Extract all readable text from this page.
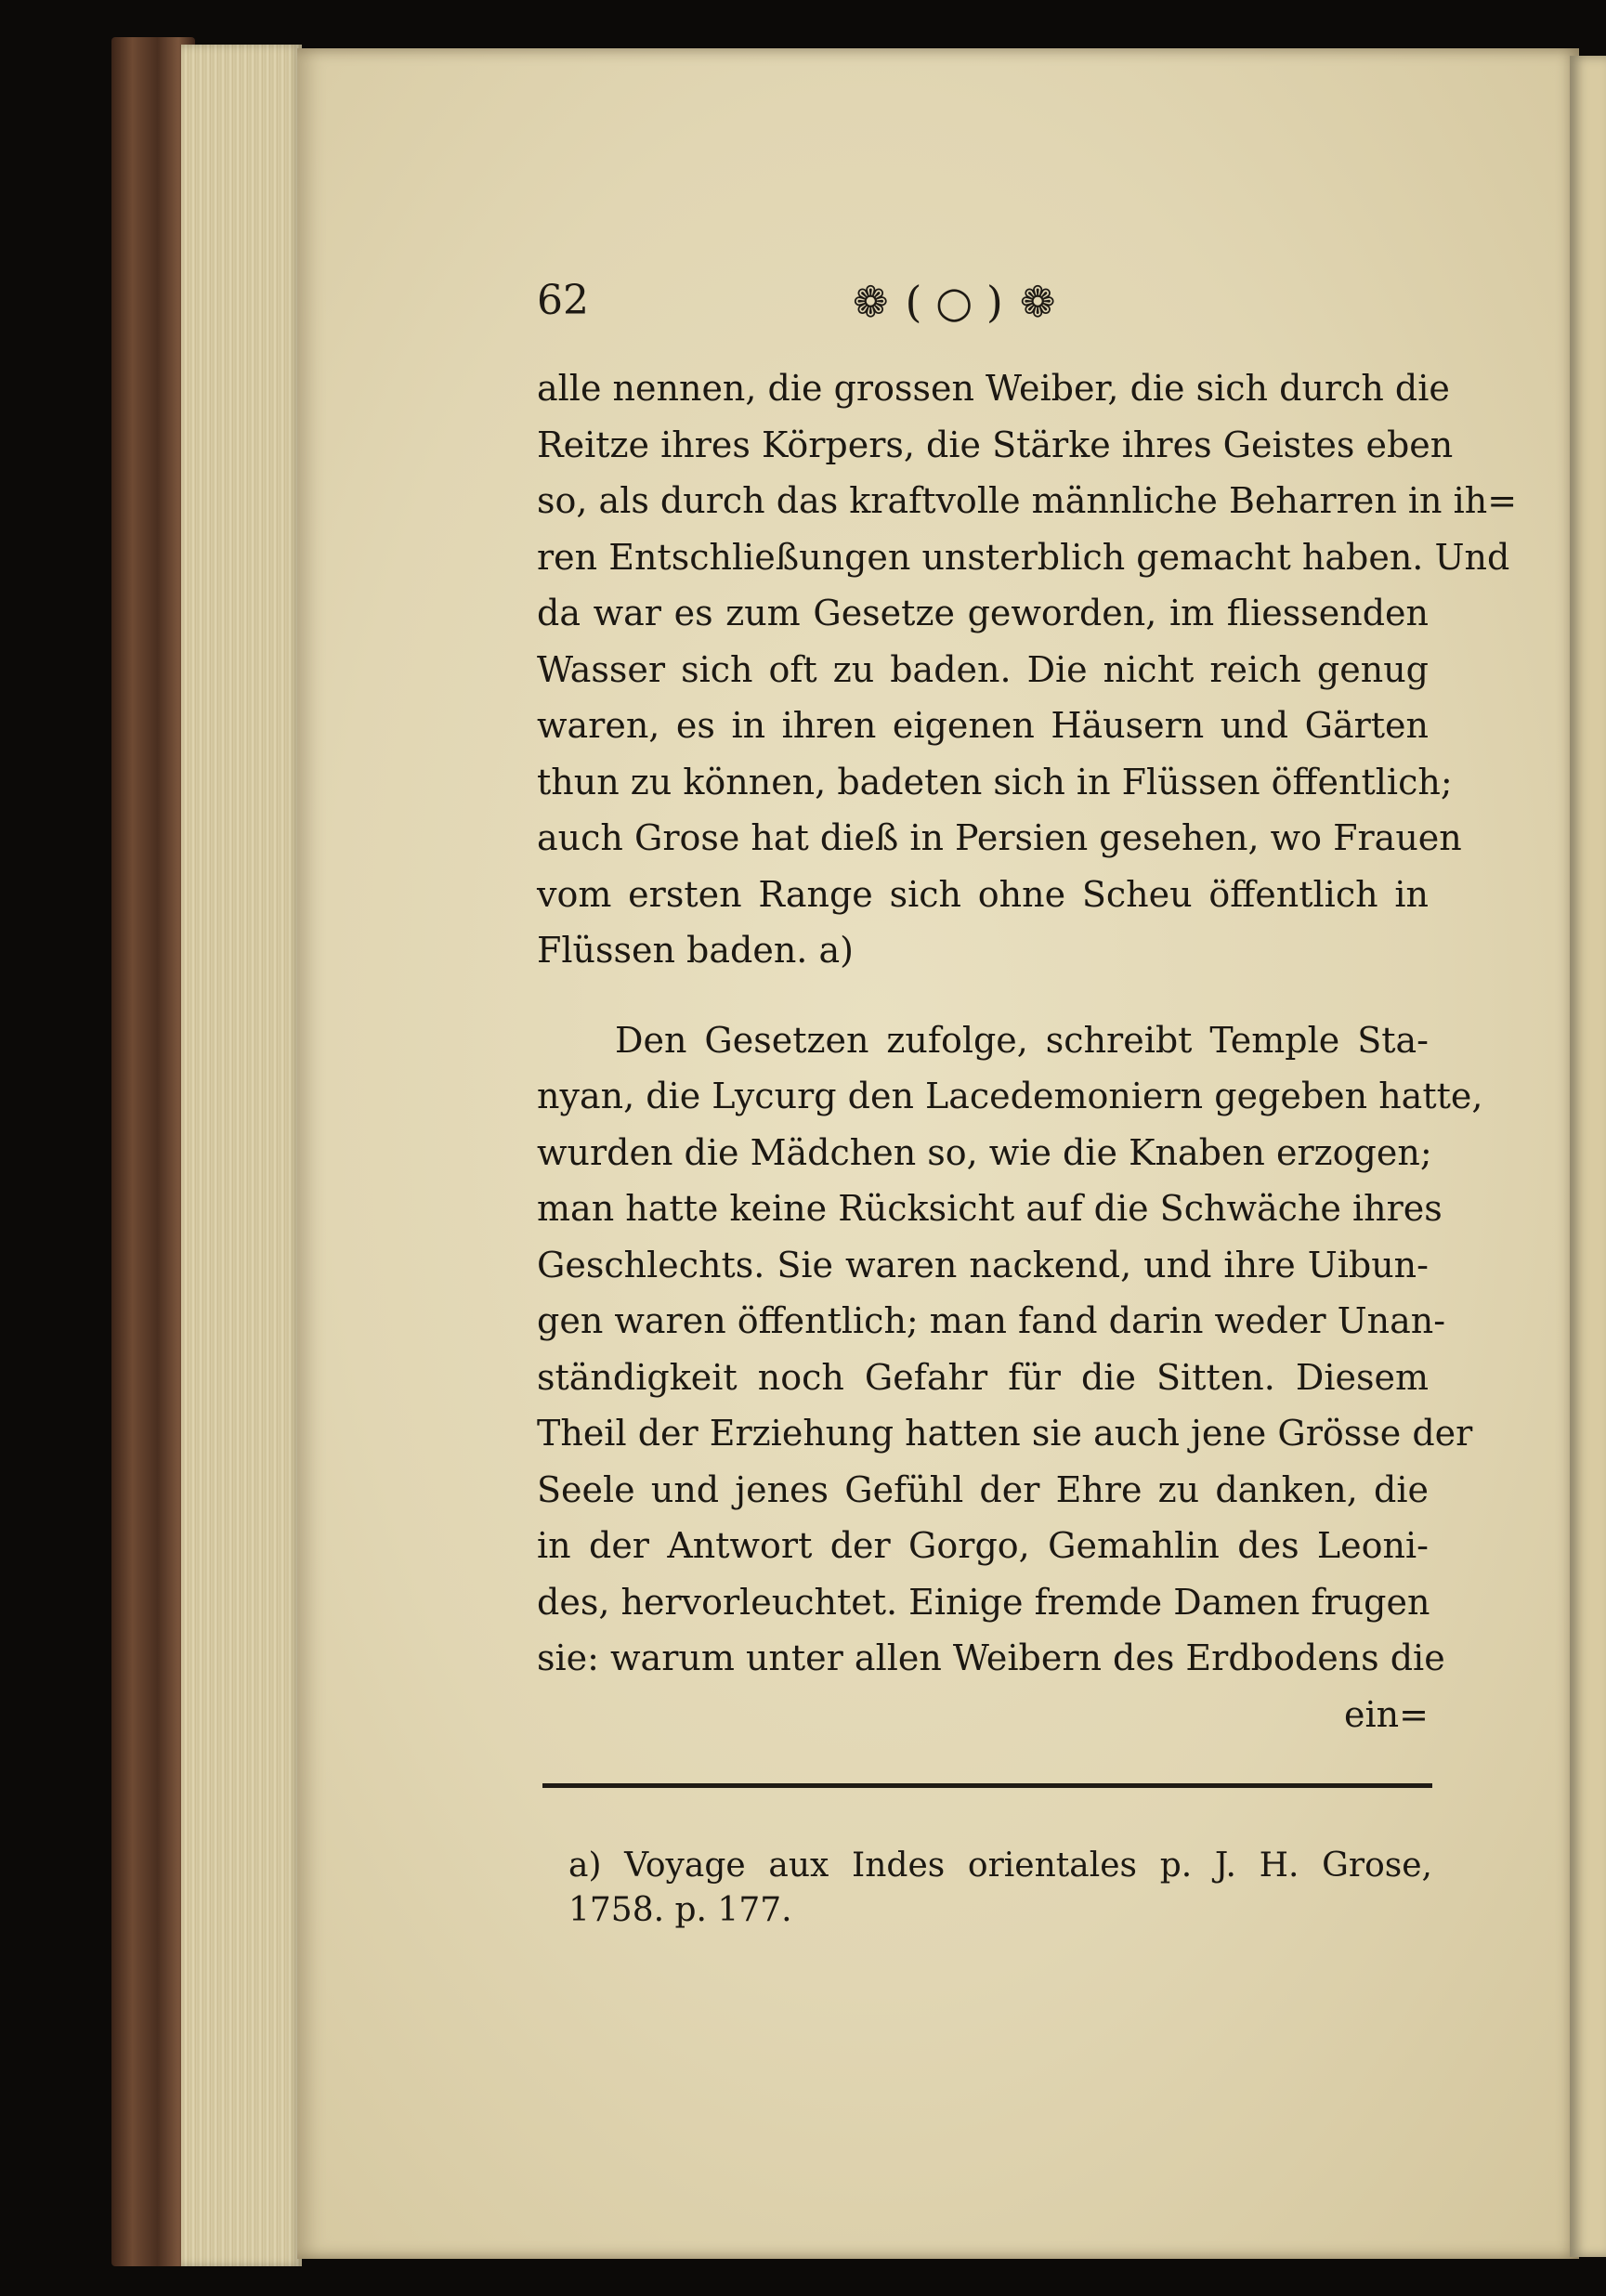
62	❁ ( ○ ) ❁
alle nennen, die grossen Weiber, die sich durch die
Reitze ihres Körpers, die Stärke ihres Geistes eben
so, als durch das kraftvolle männliche Beharren in ih=
ren Entschließungen unsterblich gemacht haben. Und
da war es zum Gesetze geworden, im fliessenden
Wasser sich oft zu baden. Die nicht reich genug
waren, es in ihren eigenen Häusern und Gärten
thun zu können, badeten sich in Flüssen öffentlich;
auch Grose hat dieß in Persien gesehen, wo Frauen
vom ersten Range sich ohne Scheu öffentlich in
Flüssen baden. a)
Den Gesetzen zufolge, schreibt Temple Sta-
nyan, die Lycurg den Lacedemoniern gegeben hatte,
wurden die Mädchen so, wie die Knaben erzogen;
man hatte keine Rücksicht auf die Schwäche ihres
Geschlechts. Sie waren nackend, und ihre Uibun-
gen waren öffentlich; man fand darin weder Unan-
ständigkeit noch Gefahr für die Sitten. Diesem
Theil der Erziehung hatten sie auch jene Grösse der
Seele und jenes Gefühl der Ehre zu danken, die
in der Antwort der Gorgo, Gemahlin des Leoni-
des, hervorleuchtet. Einige fremde Damen frugen
sie: warum unter allen Weibern des Erdbodens die
ein=
a) Voyage aux Indes orientales p. J. H. Grose,
1758. p. 177.
